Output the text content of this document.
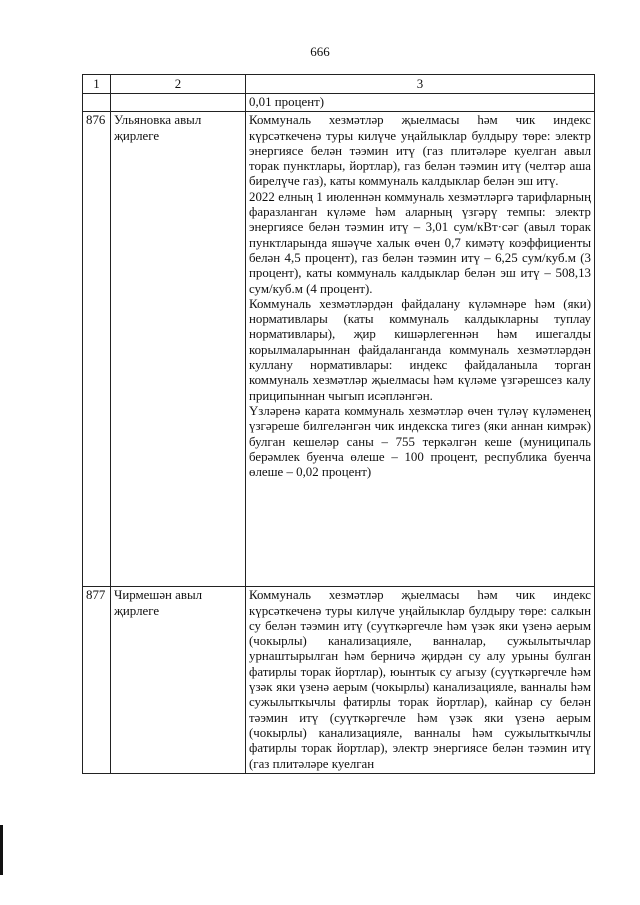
666
1	2	3
		0,01 процент)
876	Ульяновка авыл җирлеге	Коммуналь хезмәтләр җыелмасы һәм чик индекс күрсәткеченә туры килүче уңайлыклар булдыру төре: электр энергиясе белән тәэмин итү (газ плитәләре куелган авыл торак пунктлары, йортлар), газ белән тәэмин итү (челтәр аша бирелүче газ), каты коммуналь калдыклар белән эш итү.

2022 елның 1 июленнән коммуналь хезмәтләргә тарифларның фаразланган күләме һәм аларның үзгәрү темпы: электр энергиясе белән тәэмин итү – 3,01 сум/кВт·сәг (авыл торак пунктларында яшәүче халык өчен 0,7 кимәтү коэффициенты белән 4,5 процент), газ белән тәэмин итү – 6,25 сум/куб.м (3 процент), каты коммуналь калдыклар белән эш итү – 508,13 сум/куб.м (4 процент).

Коммуналь хезмәтләрдән файдалану күләмнәре һәм (яки) нормативлары (каты коммуналь калдыкларны туплау нормативлары), җир кишәрлегеннән һәм ишегалды корылмаларыннан файдаланганда коммуналь хезмәтләрдән куллану нормативлары: индекс файдаланыла торган коммуналь хезмәтләр җыелмасы һәм күләме үзгәрешсез калу приципыннан чыгып исәпләнгән.

Үзләренә карата коммуналь хезмәтләр өчен түләү күләменең үзгәреше билгеләнгән чик индекска тигез (яки аннан кимрәк) булган кешеләр саны – 755 теркәлгән кеше (муниципаль берәмлек буенча өлеше – 100 процент, республика буенча өлеше – 0,02 процент)

877	Чирмешән авыл җирлеге	Коммуналь хезмәтләр җыелмасы һәм чик индекс күрсәткеченә туры килүче уңайлыклар булдыру төре: салкын су белән тәэмин итү (суүткәргечле һәм үзәк яки үзенә аерым (чокырлы) канализацияле, ванналар, сужылытычлар урнаштырылган һәм берничә җирдән су алу урыны булган фатирлы торак йортлар), юынтык су агызу (суүткәргечле һәм үзәк яки үзенә аерым (чокырлы) канализацияле, ванналы һәм сужылыткычлы фатирлы торак йортлар), кайнар су белән тәэмин итү (суүткәргечле һәм үзәк яки үзенә аерым (чокырлы) канализацияле, ванналы һәм сужылыткычлы фатирлы торак йортлар), электр энергиясе белән тәэмин итү (газ плитәләре куелган
